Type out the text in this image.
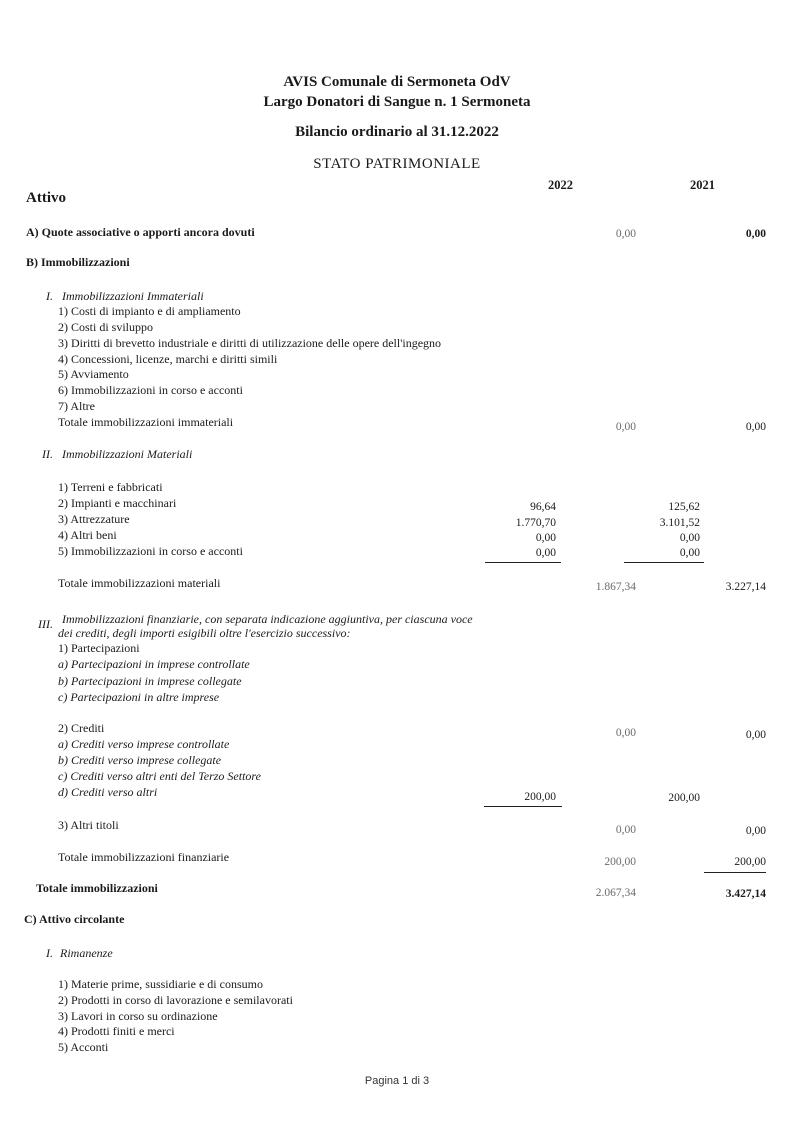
AVIS Comunale di Sermoneta OdV
Largo Donatori di Sangue n. 1 Sermoneta
Bilancio ordinario al 31.12.2022
STATO PATRIMONIALE
2022	2021
Attivo
A) Quote associative o apporti ancora dovuti	0,00	0,00
B) Immobilizzazioni
I. Immobilizzazioni Immateriali
1) Costi di impianto e di ampliamento
2) Costi di sviluppo
3) Diritti di brevetto industriale e diritti di utilizzazione delle opere dell'ingegno
4) Concessioni, licenze, marchi e diritti simili
5) Avviamento
6) Immobilizzazioni in corso e acconti
7) Altre
Totale immobilizzazioni immateriali	0,00	0,00
II. Immobilizzazioni Materiali
1) Terreni e fabbricati
2) Impianti e macchinari	96,64	125,62
3) Attrezzature	1.770,70	3.101,52
4) Altri beni	0,00	0,00
5) Immobilizzazioni in corso e acconti	0,00	0,00
Totale immobilizzazioni materiali	1.867,34	3.227,14
III. Immobilizzazioni finanziarie, con separata indicazione aggiuntiva, per ciascuna voce
dei crediti, degli importi esigibili oltre l'esercizio successivo:
1) Partecipazioni
a) Partecipazioni in imprese controllate
b) Partecipazioni in imprese collegate
c) Partecipazioni in altre imprese
2) Crediti	0,00	0,00
a) Crediti verso imprese controllate
b) Crediti verso imprese collegate
c) Crediti verso altri enti del Terzo Settore
d) Crediti verso altri	200,00	200,00
3) Altri titoli	0,00	0,00
Totale immobilizzazioni finanziarie	200,00	200,00
Totale immobilizzazioni	2.067,34	3.427,14
C) Attivo circolante
I. Rimanenze
1) Materie prime, sussidiarie e di consumo
2) Prodotti in corso di lavorazione e semilavorati
3) Lavori in corso su ordinazione
4) Prodotti finiti e merci
5) Acconti
Pagina 1 di 3
